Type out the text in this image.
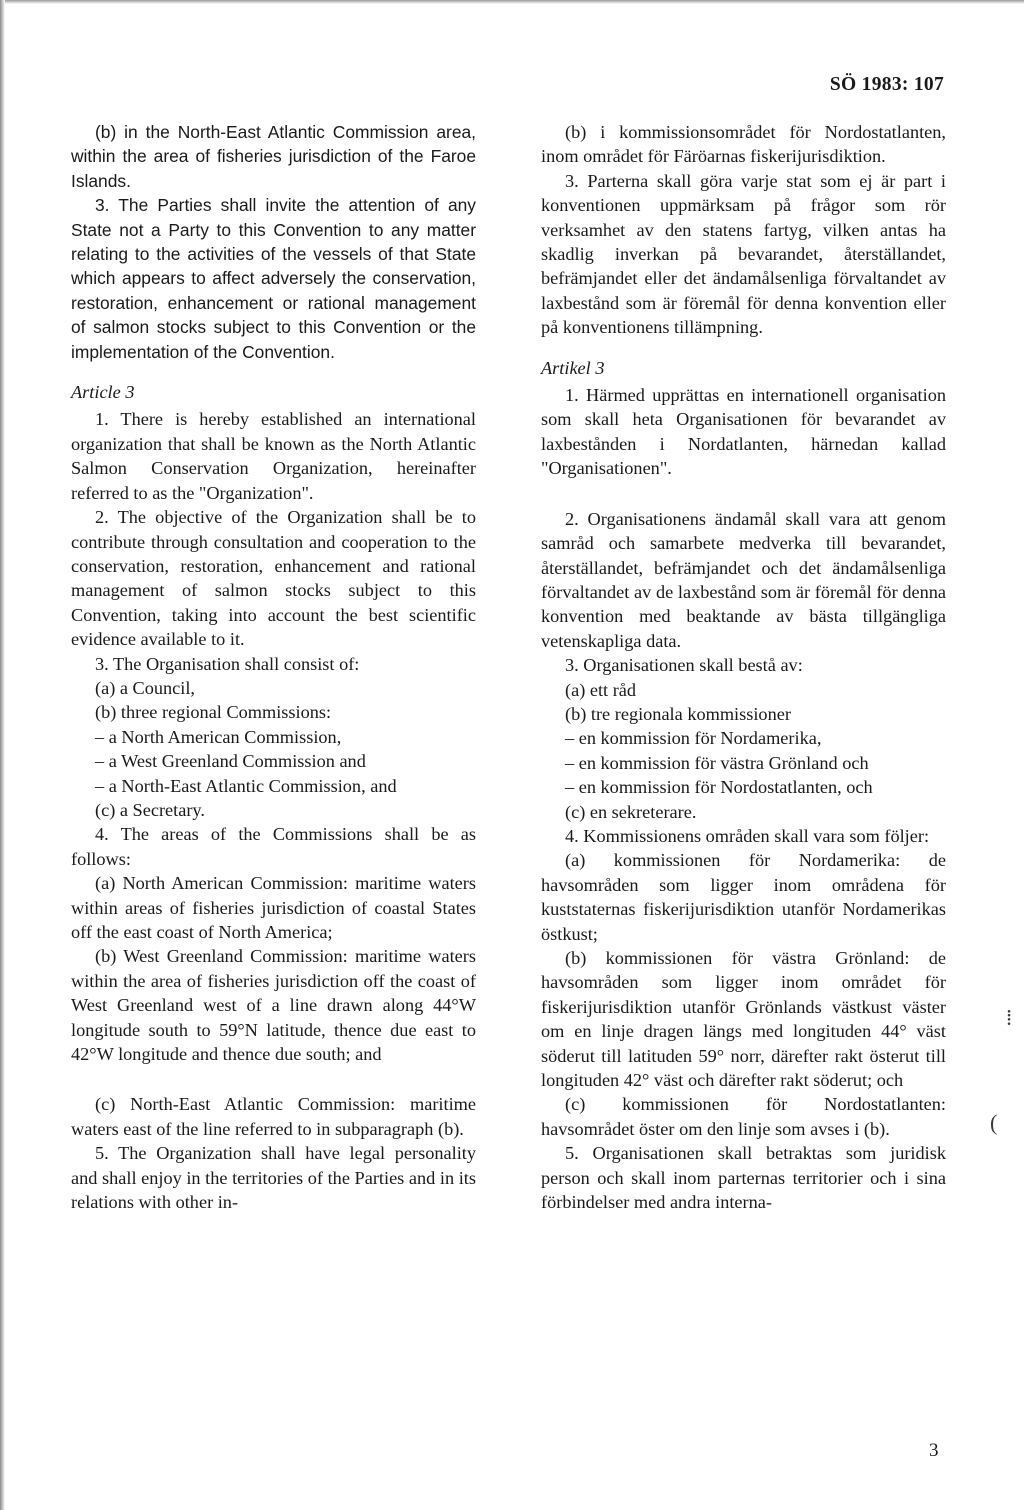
SÖ 1983: 107

(b) in the North-East Atlantic Commission area, within the area of fisheries jurisdiction of the Faroe Islands.

3. The Parties shall invite the attention of any State not a Party to this Convention to any matter relating to the activities of the vessels of that State which appears to affect adversely the conservation, restoration, enhancement or rational management of salmon stocks subject to this Convention or the implementation of the Convention.

Article 3

1. There is hereby established an international organization that shall be known as the North Atlantic Salmon Conservation Organization, hereinafter referred to as the "Organization".

2. The objective of the Organization shall be to contribute through consultation and cooperation to the conservation, restoration, enhancement and rational management of salmon stocks subject to this Convention, taking into account the best scientific evidence available to it.

3. The Organisation shall consist of:

(a) a Council,

(b) three regional Commissions:

– a North American Commission,

– a West Greenland Commission and

– a North-East Atlantic Commission, and

(c) a Secretary.

4. The areas of the Commissions shall be as follows:

(a) North American Commission: maritime waters within areas of fisheries jurisdiction of coastal States off the east coast of North America;

(b) West Greenland Commission: maritime waters within the area of fisheries jurisdiction off the coast of West Greenland west of a line drawn along 44°W longitude south to 59°N latitude, thence due east to 42°W longitude and thence due south; and

(c) North-East Atlantic Commission: maritime waters east of the line referred to in subparagraph (b).

5. The Organization shall have legal personality and shall enjoy in the territories of the Parties and in its relations with other in-

(b) i kommissionsområdet för Nordostatlanten, inom området för Färöarnas fiskerijurisdiktion.

3. Parterna skall göra varje stat som ej är part i konventionen uppmärksam på frågor som rör verksamhet av den statens fartyg, vilken antas ha skadlig inverkan på bevarandet, återställandet, befrämjandet eller det ändamålsenliga förvaltandet av laxbestånd som är föremål för denna konvention eller på konventionens tillämpning.

Artikel 3

1. Härmed upprättas en internationell organisation som skall heta Organisationen för bevarandet av laxbestånden i Nordatlanten, härnedan kallad "Organisationen".

2. Organisationens ändamål skall vara att genom samråd och samarbete medverka till bevarandet, återställandet, befrämjandet och det ändamålsenliga förvaltandet av de laxbestånd som är föremål för denna konvention med beaktande av bästa tillgängliga vetenskapliga data.

3. Organisationen skall bestå av:

(a) ett råd

(b) tre regionala kommissioner

– en kommission för Nordamerika,

– en kommission för västra Grönland och

– en kommission för Nordostatlanten, och

(c) en sekreterare.

4. Kommissionens områden skall vara som följer:

(a) kommissionen för Nordamerika: de havsområden som ligger inom områdena för kuststaternas fiskerijurisdiktion utanför Nordamerikas östkust;

(b) kommissionen för västra Grönland: de havsområden som ligger inom området för fiskerijurisdiktion utanför Grönlands västkust väster om en linje dragen längs med longituden 44° väst söderut till latituden 59° norr, därefter rakt österut till longituden 42° väst och därefter rakt söderut; och

(c) kommissionen för Nordostatlanten: havsområdet öster om den linje som avses i (b).

5. Organisationen skall betraktas som juridisk person och skall inom parternas territorier och i sina förbindelser med andra interna-

3
⁞
(
